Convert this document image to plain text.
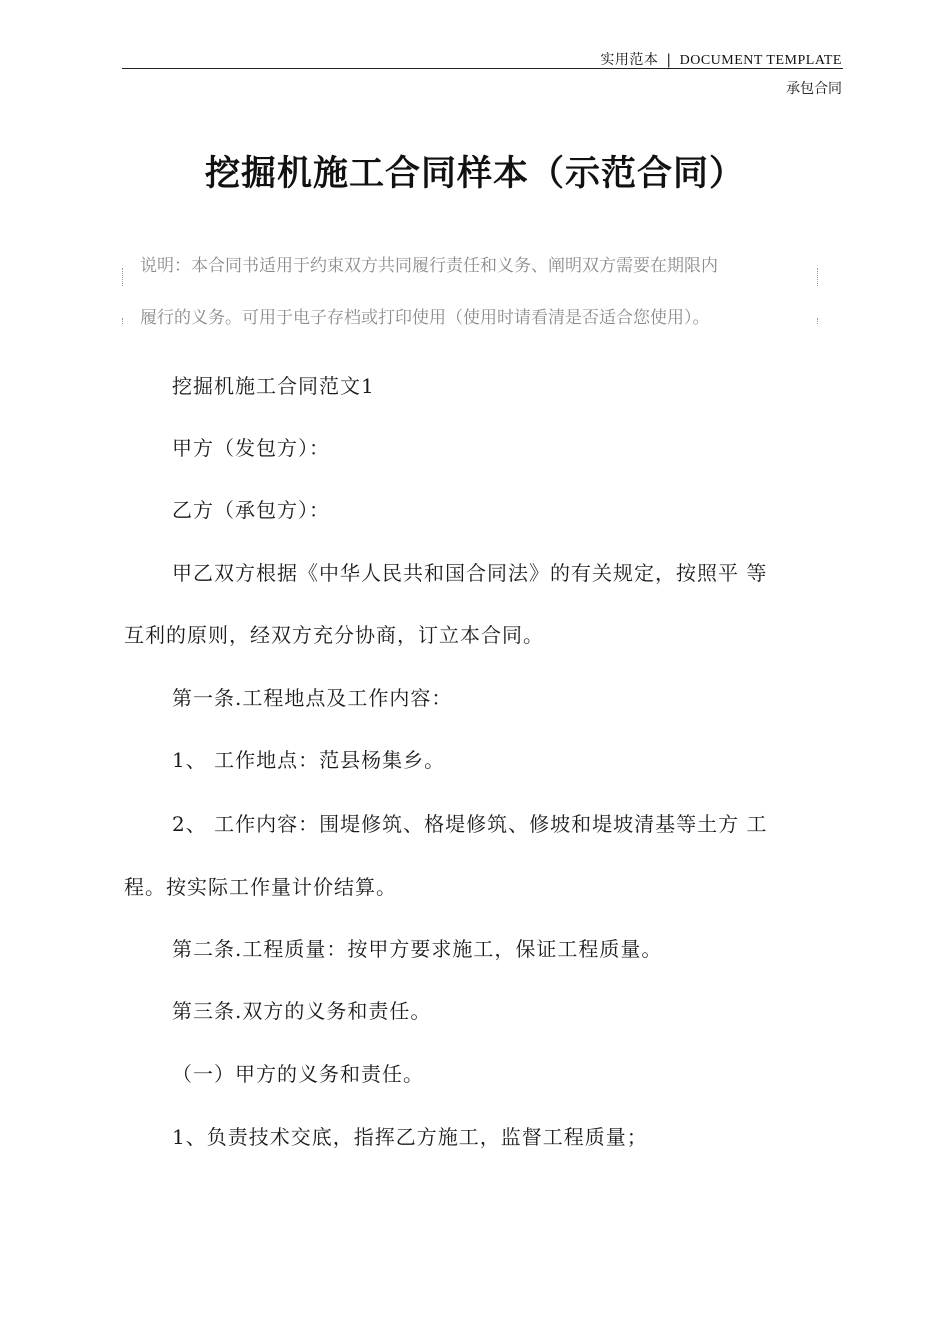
实用范本 | DOCUMENT TEMPLATE
承包合同
挖掘机施工合同样本（示范合同）
说明：本合同书适用于约束双方共同履行责任和义务、阐明双方需要在期限内
履行的义务。可用于电子存档或打印使用（使用时请看清是否适合您使用）。
挖掘机施工合同范文1
甲方（发包方）：
乙方（承包方）：
甲乙双方根据《中华人民共和国合同法》的有关规定，按照平 等
互利的原则，经双方充分协商，订立本合同。
第一条.工程地点及工作内容：
1、 工作地点：范县杨集乡。
2、 工作内容：围堤修筑、格堤修筑、修坡和堤坡清基等土方 工
程。按实际工作量计价结算。
第二条.工程质量：按甲方要求施工，保证工程质量。
第三条.双方的义务和责任。
（一）甲方的义务和责任。
1、负责技术交底，指挥乙方施工，监督工程质量；
